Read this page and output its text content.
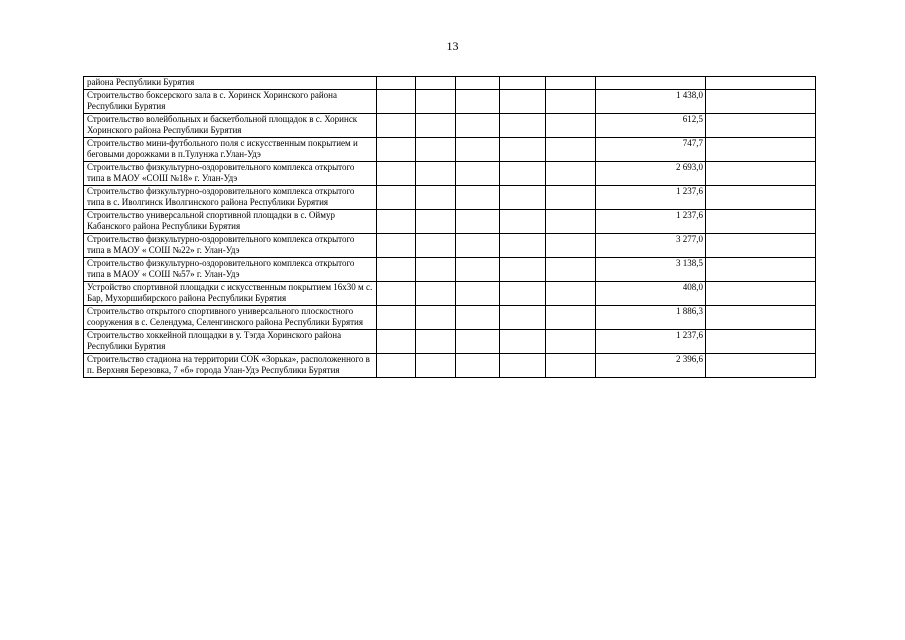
13
района Республики Бурятия							
Строительство боксерского зала в с. Хоринск Хоринского района Республики Бурятия						1 438,0	
Строительство волейбольных и баскетбольной площадок в с. Хоринск Хоринского района Республики Бурятия						612,5	
Строительство мини-футбольного поля с искусственным покрытием и беговыми дорожками в п.Тулунжа г.Улан-Удэ						747,7	
Строительство физкультурно-оздоровительного комплекса открытого типа в МАОУ «СОШ №18» г. Улан-Удэ						2 693,0	
Строительство физкультурно-оздоровительного комплекса открытого типа в с. Иволгинск Иволгинского района Республики Бурятия						1 237,6	
Строительство универсальной спортивной площадки в с. Оймур Кабанского района Республики Бурятия						1 237,6	
Строительство физкультурно-оздоровительного комплекса открытого типа в МАОУ « СОШ №22» г. Улан-Удэ						3 277,0	
Строительство физкультурно-оздоровительного комплекса открытого типа в МАОУ « СОШ №57» г. Улан-Удэ						3 138,5	
Устройство спортивной площадки с искусственным покрытием 16х30 м с. Бар, Мухоршибирского района Республики Бурятия						408,0	
Строительство открытого спортивного универсального плоскостного сооружения в с. Селендума, Селенгинского района Республики Бурятия						1 886,3	
Строительство хоккейной площадки в у. Тэгда Хоринского района Республики Бурятия						1 237,6	
Строительство стадиона на территории СОК «Зорька», расположенного в п. Верхняя Березовка, 7 «б» города Улан-Удэ Республики Бурятия						2 396,6	
